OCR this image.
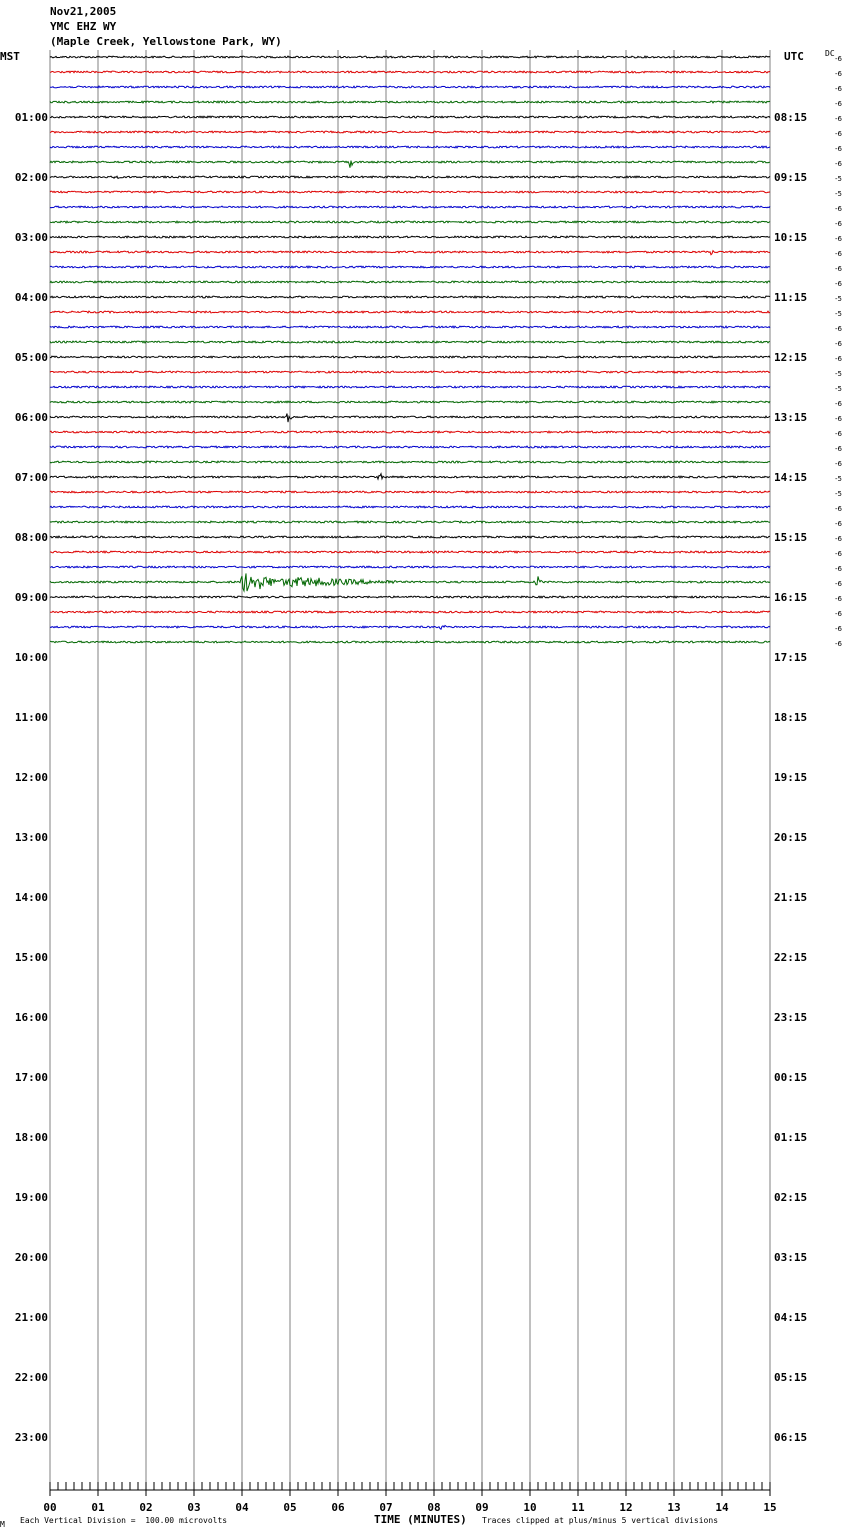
Nov21,2005
YMC EHZ WY
(Maple Creek, Yellowstone Park, WY)
MST	UTC	DC
00	01	02	03	04	05	06	07	08	09	10	11	12	13	14	15
01:00
02:00
03:00
04:00
05:00
06:00
07:00
08:00
09:00
10:00
11:00
12:00
13:00
14:00
15:00
16:00
17:00
18:00
19:00
20:00
21:00
22:00
23:00
08:15
09:15
10:15
11:15
12:15
13:15
14:15
15:15
16:15
17:15
18:15
19:15
20:15
21:15
22:15
23:15
00:15
01:15
02:15
03:15
04:15
05:15
06:15
-6
-6
-6
-6
-6
-6
-6
-6
-5
-5
-6
-6
-6
-6
-6
-6
-5
-5
-6
-6
-6
-5
-5
-6
-6
-6
-6
-6
-5
-5
-6
-6
-6
-6
-6
-6
-6
-6
-6
-6
M Each Vertical Division =  100.00 microvolts	TIME (MINUTES) Traces clipped at plus/minus 5 vertical divisions
